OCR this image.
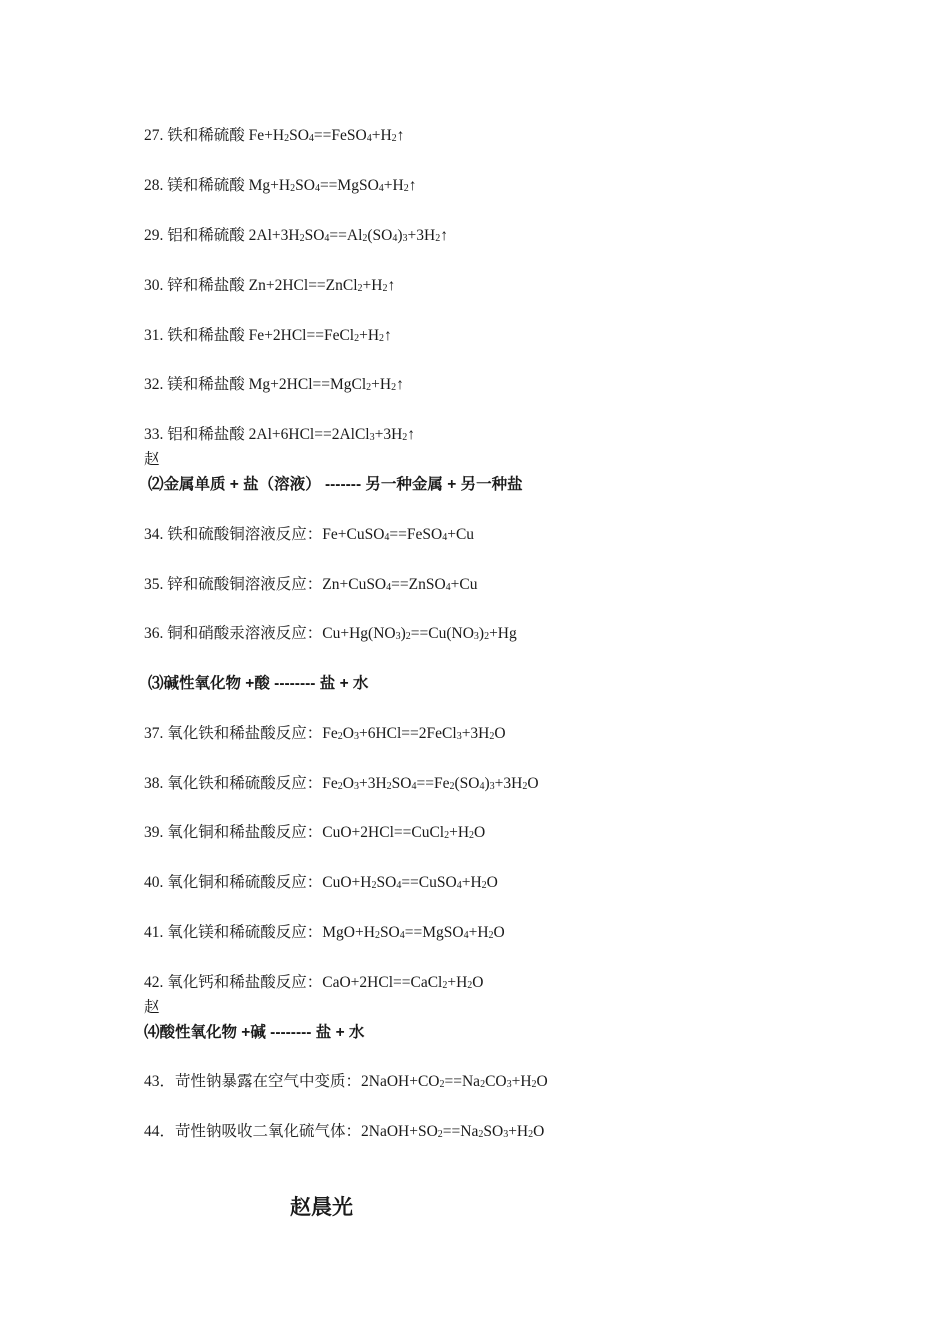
27. 铁和稀硫酸 $Fe+H_2SO_4==FeSO_4+H_2↑$
28. 镁和稀硫酸 $Mg+H_2SO_4==MgSO_4+H_2↑$
29. 铝和稀硫酸 $2Al+3H_2SO_4==Al_2(SO_4)_3+3H_2↑$
30. 锌和稀盐酸 $Zn+2HCl==ZnCl_2+H_2↑$
31. 铁和稀盐酸 $Fe+2HCl==FeCl_2+H_2↑$
32. 镁和稀盐酸 $Mg+2HCl==MgCl_2+H_2↑$
33. 铝和稀盐酸 $2Al+6HCl==2AlCl_3+3H_2↑$
赵
⑵金属单质 + 盐（溶液） ------- 另一种金属 + 另一种盐
34. 铁和硫酸铜溶液反应：Fe+CuSO$_4$==FeSO$_4$+Cu
35. 锌和硫酸铜溶液反应：Zn+CuSO$_4$==ZnSO$_4$+Cu
36. 铜和硝酸汞溶液反应：$Cu+Hg(NO_3)_2==Cu(NO_3)_2+Hg$
⑶碱性氧化物 +酸 -------- 盐 + 水
37. 氧化铁和稀盐酸反应：$Fe_2O_3+6HCl==2FeCl_3+3H_2O$
38. 氧化铁和稀硫酸反应：$Fe_2O_3+3H_2SO_4==Fe_2(SO_4)_3+3H_2O$
39. 氧化铜和稀盐酸反应：$CuO+2HCl==CuCl_2+H_2O$
40. 氧化铜和稀硫酸反应：$CuO+H_2SO_4==CuSO_4+H_2O$
41. 氧化镁和稀硫酸反应：$MgO+H_2SO_4==MgSO_4+H_2O$
42. 氧化钙和稀盐酸反应：$CaO+2HCl==CaCl_2+H_2O$
赵
⑷酸性氧化物 +碱 -------- 盐 + 水
43．苛性钠暴露在空气中变质：$2NaOH+CO_2==Na_2CO_3+H_2O$
44．苛性钠吸收二氧化硫气体：$2NaOH+SO_2==Na_2SO_3+H_2O$
赵晨光
